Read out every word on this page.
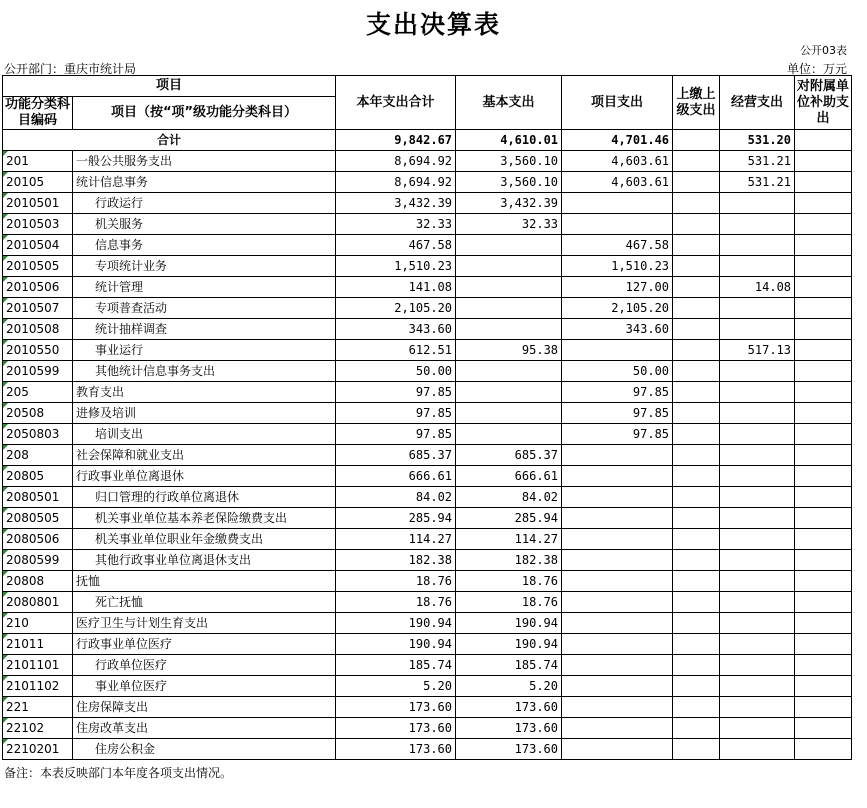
支出决算表
公开03表
公开部门：重庆市统计局	单位：万元
项目		本年支出合计	基本支出	项目支出	上缴上级支出	经营支出	对附属单位补助支出
功能分类科目编码	项目（按“项”级功能分类科目）						
合计		9,842.67	4,610.01	4,701.46		531.20	
201	一般公共服务支出	8,694.92	3,560.10	4,603.61		531.21	
20105	统计信息事务	8,694.92	3,560.10	4,603.61		531.21	
2010501	行政运行	3,432.39	3,432.39				
2010503	机关服务	32.33	32.33				
2010504	信息事务	467.58		467.58			
2010505	专项统计业务	1,510.23		1,510.23			
2010506	统计管理	141.08		127.00		14.08	
2010507	专项普查活动	2,105.20		2,105.20			
2010508	统计抽样调查	343.60		343.60			
2010550	事业运行	612.51	95.38			517.13	
2010599	其他统计信息事务支出	50.00		50.00			
205	教育支出	97.85		97.85			
20508	进修及培训	97.85		97.85			
2050803	培训支出	97.85		97.85			
208	社会保障和就业支出	685.37	685.37				
20805	行政事业单位离退休	666.61	666.61				
2080501	归口管理的行政单位离退休	84.02	84.02				
2080505	机关事业单位基本养老保险缴费支出	285.94	285.94				
2080506	机关事业单位职业年金缴费支出	114.27	114.27				
2080599	其他行政事业单位离退休支出	182.38	182.38				
20808	抚恤	18.76	18.76				
2080801	死亡抚恤	18.76	18.76				
210	医疗卫生与计划生育支出	190.94	190.94				
21011	行政事业单位医疗	190.94	190.94				
2101101	行政单位医疗	185.74	185.74				
2101102	事业单位医疗	5.20	5.20				
221	住房保障支出	173.60	173.60				
22102	住房改革支出	173.60	173.60				
2210201	住房公积金	173.60	173.60				
备注：本表反映部门本年度各项支出情况。
